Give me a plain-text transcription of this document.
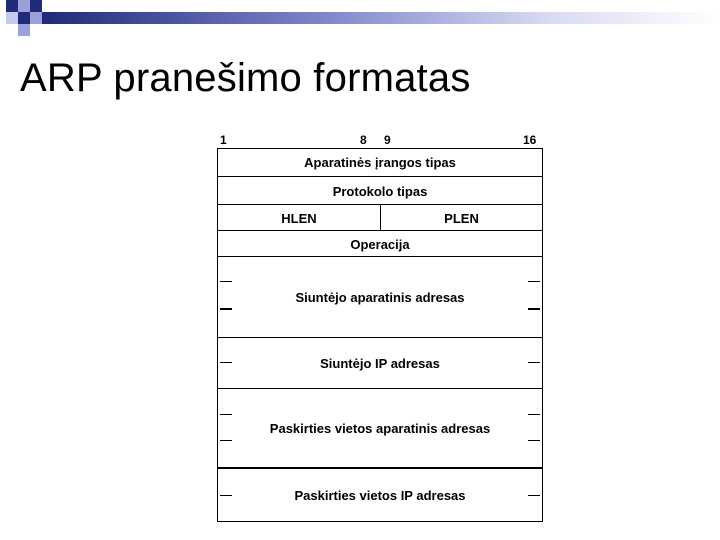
ARP pranešimo formatas
1	8 9	16
Aparatinės įrangos tipas
Protokolo tipas
HLEN	PLEN
Operacija
Siuntėjo aparatinis adresas
Siuntėjo IP adresas
Paskirties vietos aparatinis adresas
Paskirties vietos IP adresas
